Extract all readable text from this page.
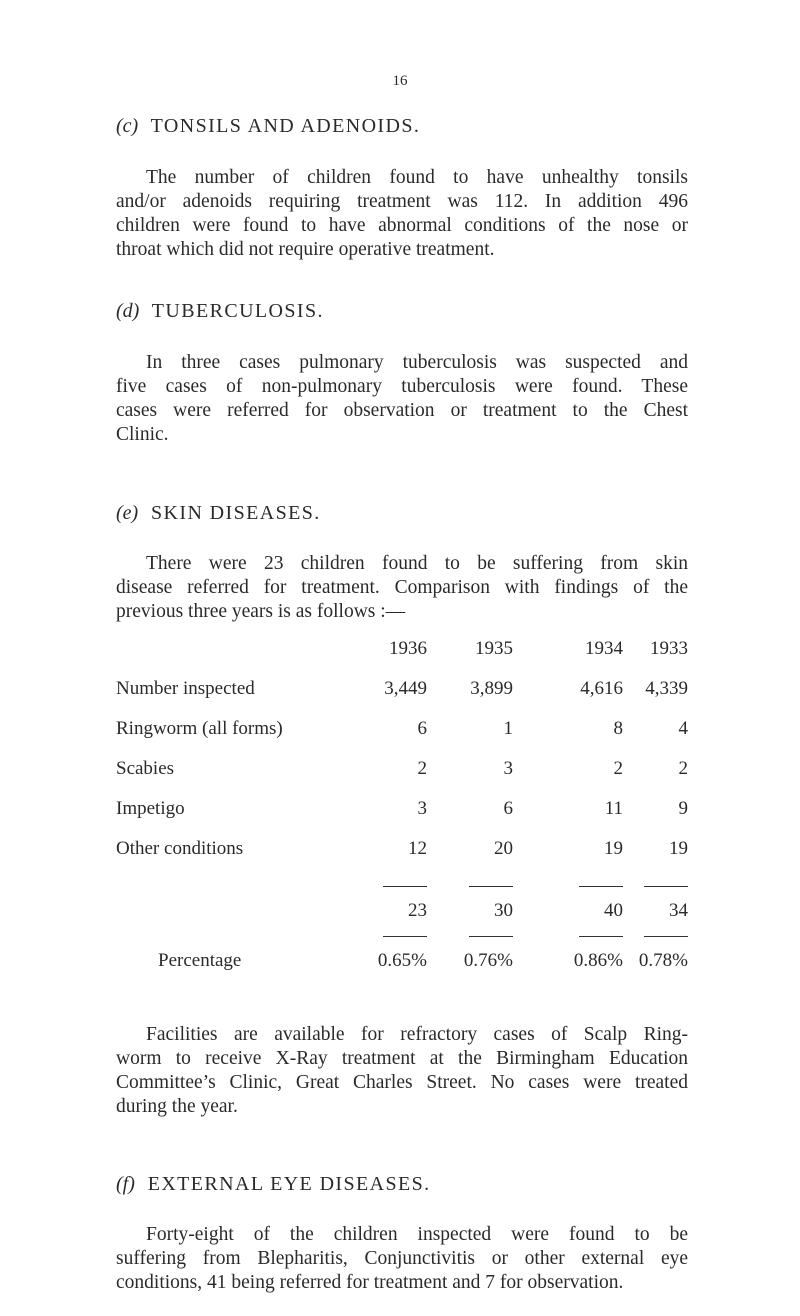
16
(c) TONSILS AND ADENOIDS.

The number of children found to have unhealthy tonsils
and/or adenoids requiring treatment was 112. In addition 496
children were found to have abnormal conditions of the nose or
throat which did not require operative treatment.

(d) TUBERCULOSIS.

In three cases pulmonary tuberculosis was suspected and
five cases of non-pulmonary tuberculosis were found. These
cases were referred for observation or treatment to the Chest
Clinic.

(e) SKIN DISEASES.

There were 23 children found to be suffering from skin
disease referred for treatment. Comparison with findings of the
previous three years is as follows :—

1936	1935	1934	1933
Number inspected	3,449	3,899	4,616	4,339
Ringworm (all forms)	6	1	8	4
Scabies	2	3	2	2
Impetigo	3	6	11	9
Other conditions	12	20	19	19
23	30	40	34
Percentage	0.65%	0.76%	0.86% 0.78%

Facilities are available for refractory cases of Scalp Ring-
worm to receive X-Ray treatment at the Birmingham Education
Committee’s Clinic, Great Charles Street. No cases were treated
during the year.

(f) EXTERNAL EYE DISEASES.

Forty-eight of the children inspected were found to be
suffering from Blepharitis, Conjunctivitis or other external eye
conditions, 41 being referred for treatment and 7 for observation.
